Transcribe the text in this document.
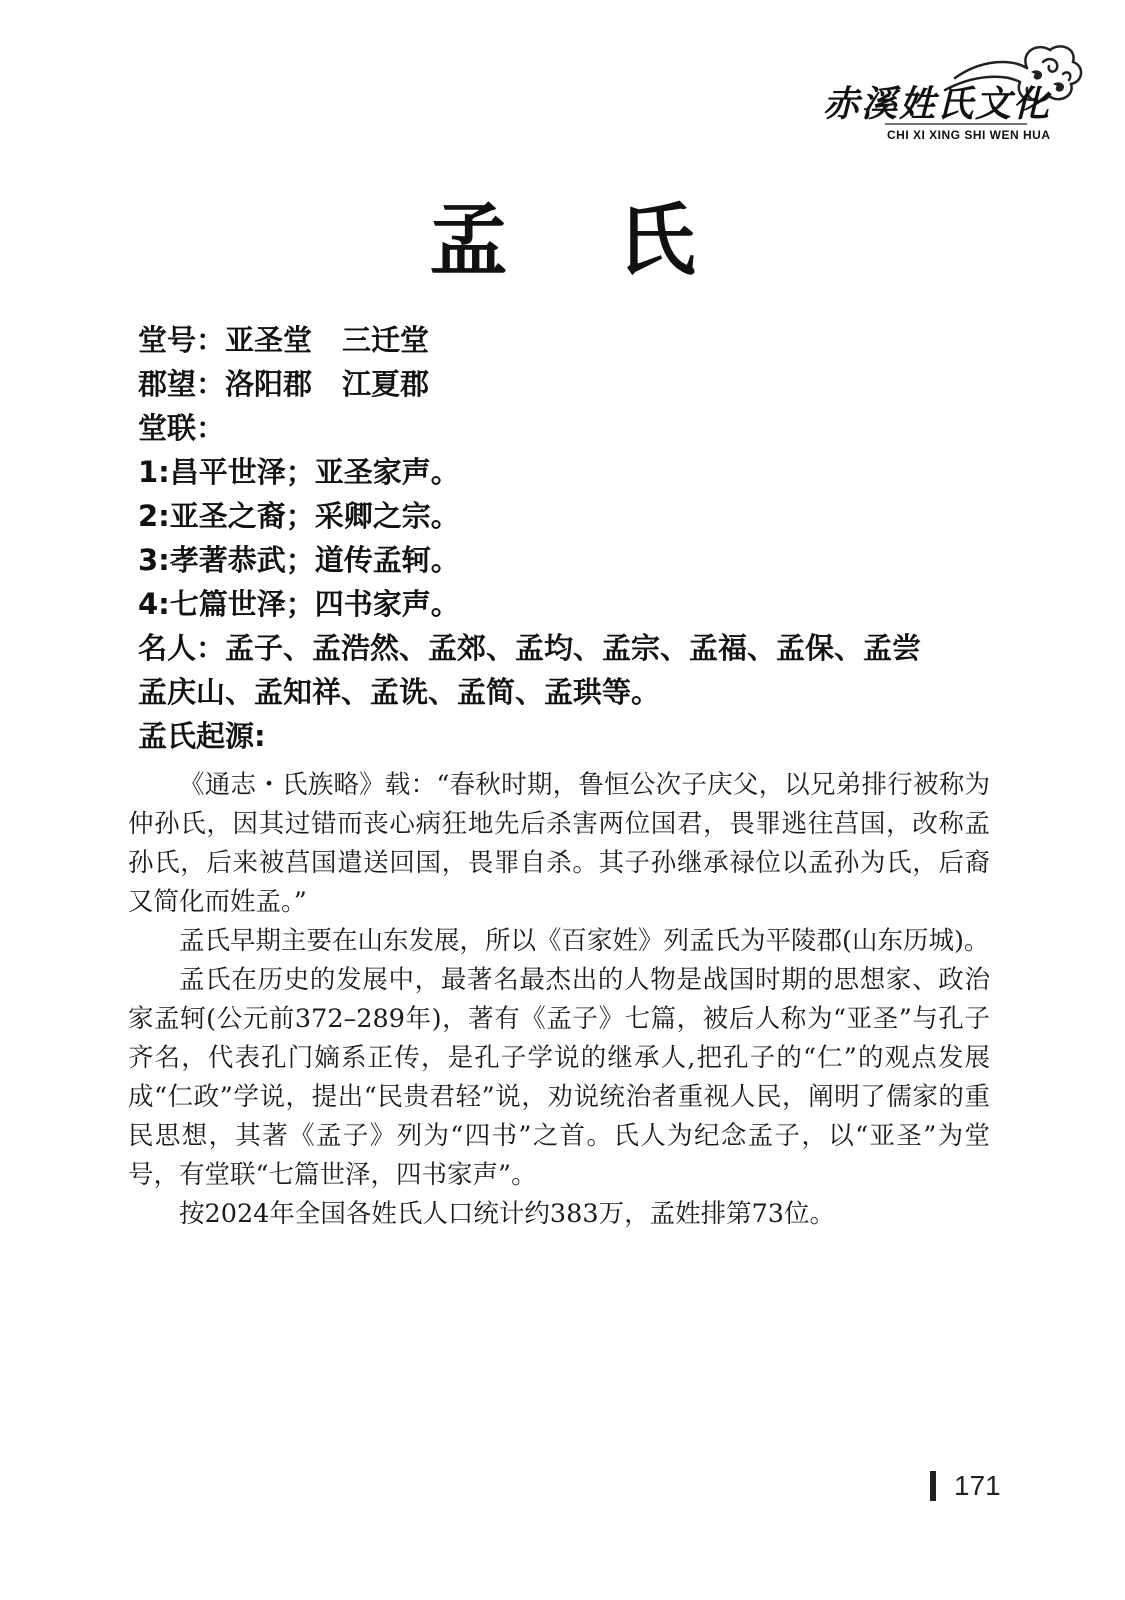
赤溪姓氏文化
CHI XI XING SHI WEN HUA
孟 氏
堂号：亚圣堂 三迁堂
郡望：洛阳郡 江夏郡
堂联：
1:昌平世泽；亚圣家声。
2:亚圣之裔；采卿之宗。
3:孝著恭武；道传孟轲。
4:七篇世泽；四书家声。
名人：孟子、孟浩然、孟郊、孟均、孟宗、孟福、孟保、孟尝
孟庆山、孟知祥、孟诜、孟简、孟珙等。
孟氏起源:

《通志・氏族略》载：“春秋时期，鲁恒公次子庆父，以兄弟排行被称为仲孙氏，因其过错而丧心病狂地先后杀害两位国君，畏罪逃往莒国，改称孟孙氏，后来被莒国遣送回国，畏罪自杀。其子孙继承禄位以孟孙为氏，后裔又简化而姓孟。”

孟氏早期主要在山东发展，所以《百家姓》列孟氏为平陵郡(山东历城)。

孟氏在历史的发展中，最著名最杰出的人物是战国时期的思想家、政治家孟轲(公元前372–289年)，著有《孟子》七篇，被后人称为“亚圣”与孔子齐名，代表孔门嫡系正传，是孔子学说的继承人,把孔子的“仁”的观点发展成“仁政”学说，提出“民贵君轻”说，劝说统治者重视人民，阐明了儒家的重民思想，其著《孟子》列为“四书”之首。氏人为纪念孟子，以“亚圣”为堂号，有堂联“七篇世泽，四书家声”。

按2024年全国各姓氏人口统计约383万，孟姓排第73位。

171
